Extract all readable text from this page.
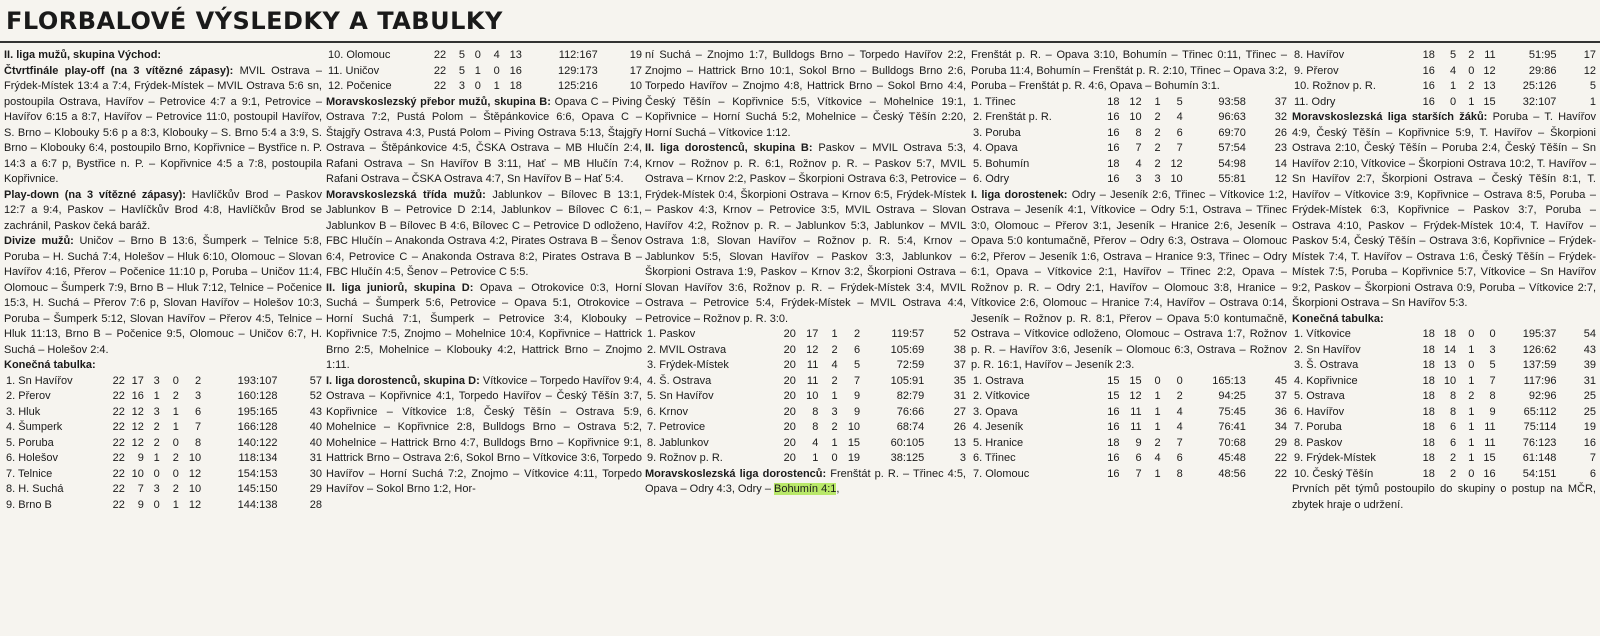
FLORBALOVÉ VÝSLEDKY A TABULKY

II. liga mužů, skupina Východ:

Čtvrtfinále play-off (na 3 vítězné zápasy): MVIL Ostrava – Frýdek-Místek 13:4 a 7:4, Frýdek-Místek – MVIL Ostrava 5:6 sn, postoupila Ostrava, Havířov – Petrovice 4:7 a 9:1, Petrovice – Havířov 6:15 a 8:7, Havířov – Petrovice 11:0, postoupil Havířov, S. Brno – Klobouky 5:6 p a 8:3, Klobouky – S. Brno 5:4 a 3:9, S. Brno – Klobouky 6:4, postoupilo Brno, Kopřivnice – Bystřice n. P. 14:3 a 6:7 p, Bystřice n. P. – Kopřivnice 4:5 a 7:8, postoupila Kopřivnice.

Play-down (na 3 vítězné zápasy): Havlíčkův Brod – Paskov 12:7 a 9:4, Paskov – Havlíčkův Brod 4:8, Havlíčkův Brod se zachránil, Paskov čeká baráž.

Divize mužů: Uničov – Brno B 13:6, Šumperk – Telnice 5:8, Poruba – H. Suchá 7:4, Holešov – Hluk 6:10, Olomouc – Slovan Havířov 4:16, Přerov – Počenice 11:10 p, Poruba – Uničov 11:4, Olomouc – Šumperk 7:9, Brno B – Hluk 7:12, Telnice – Počenice 15:3, H. Suchá – Přerov 7:6 p, Slovan Havířov – Holešov 10:3, Poruba – Šumperk 5:12, Slovan Havířov – Přerov 4:5, Telnice – Hluk 11:13, Brno B – Počenice 9:5, Olomouc – Uničov 6:7, H. Suchá – Holešov 2:4.

Konečná tabulka:

1. Sn Havířov	22	17	3	0	2	193:107	57
2. Přerov	22	16	1	2	3	160:128	52
3. Hluk	22	12	3	1	6	195:165	43
4. Šumperk	22	12	2	1	7	166:128	40
5. Poruba	22	12	2	0	8	140:122	40
6. Holešov	22	9	1	2	10	118:134	31
7. Telnice	22	10	0	0	12	154:153	30
8. H. Suchá	22	7	3	2	10	145:150	29
9. Brno B	22	9	0	1	12	144:138	28
10. Olomouc	22	5	0	4	13	112:167	19
11. Uničov	22	5	1	0	16	129:173	17
12. Počenice	22	3	0	1	18	125:216	10

Moravskoslezský přebor mužů, skupina B: Opava C – Piving Ostrava 7:2, Pustá Polom – Štěpánkovice 6:6, Opava C – Štajgřy Ostrava 4:3, Pustá Polom – Piving Ostrava 5:13, Štajgřy Ostrava – Štěpánkovice 4:5, ČSKA Ostrava – MB Hlučín 2:4, Rafani Ostrava – Sn Havířov B 3:11, Hať – MB Hlučín 7:4, Rafani Ostrava – ČSKA Ostrava 4:7, Sn Havířov B – Hať 5:4.

Moravskoslezská třída mužů: Jablunkov – Bílovec B 13:1, Jablunkov B – Petrovice D 2:14, Jablunkov – Bílovec C 6:1, Jablunkov B – Bílovec B 4:6, Bílovec C – Petrovice D odloženo, FBC Hlučín – Anakonda Ostrava 4:2, Pirates Ostrava B – Šenov 6:4, Petrovice C – Anakonda Ostrava 8:2, Pirates Ostrava B – FBC Hlučín 4:5, Šenov – Petrovice C 5:5.

II. liga juniorů, skupina D: Opava – Otrokovice 0:3, Horní Suchá – Šumperk 5:6, Petrovice – Opava 5:1, Otrokovice – Horní Suchá 7:1, Šumperk – Petrovice 3:4, Klobouky – Kopřivnice 7:5, Znojmo – Mohelnice 10:4, Kopřivnice – Hattrick Brno 2:5, Mohelnice – Klobouky 4:2, Hattrick Brno – Znojmo 1:11.

I. liga dorostenců, skupina D: Vítkovice – Torpedo Havířov 9:4, Ostrava – Kopřivnice 4:1, Torpedo Havířov – Český Těšín 3:7, Kopřivnice – Vítkovice 1:8, Český Těšín – Ostrava 5:9, Mohelnice – Kopřivnice 2:8, Bulldogs Brno – Ostrava 5:2, Mohelnice – Hattrick Brno 4:7, Bulldogs Brno – Kopřivnice 9:1, Hattrick Brno – Ostrava 2:6, Sokol Brno – Vítkovice 3:6, Torpedo Havířov – Horní Suchá 7:2, Znojmo – Vítkovice 4:11, Torpedo Havířov – Sokol Brno 1:2, Hor-

ní Suchá – Znojmo 1:7, Bulldogs Brno – Torpedo Havířov 2:2, Znojmo – Hattrick Brno 10:1, Sokol Brno – Bulldogs Brno 2:6, Torpedo Havířov – Znojmo 4:8, Hattrick Brno – Sokol Brno 4:4, Český Těšín – Kopřivnice 5:5, Vítkovice – Mohelnice 19:1, Kopřivnice – Horní Suchá 5:2, Mohelnice – Český Těšín 2:20, Horní Suchá – Vítkovice 1:12.

II. liga dorostenců, skupina B: Paskov – MVIL Ostrava 5:3, Krnov – Rožnov p. R. 6:1, Rožnov p. R. – Paskov 5:7, MVIL Ostrava – Krnov 2:2, Paskov – Škorpioni Ostrava 6:3, Petrovice – Frýdek-Místek 0:4, Škorpioni Ostrava – Krnov 6:5, Frýdek-Místek – Paskov 4:3, Krnov – Petrovice 3:5, MVIL Ostrava – Slovan Havířov 4:2, Rožnov p. R. – Jablunkov 5:3, Jablunkov – MVIL Ostrava 1:8, Slovan Havířov – Rožnov p. R. 5:4, Krnov – Jablunkov 5:5, Slovan Havířov – Paskov 3:3, Jablunkov – Škorpioni Ostrava 1:9, Paskov – Krnov 3:2, Škorpioni Ostrava – Slovan Havířov 3:6, Rožnov p. R. – Frýdek-Místek 3:4, MVIL Ostrava – Petrovice 5:4, Frýdek-Místek – MVIL Ostrava 4:4, Petrovice – Rožnov p. R. 3:0.

1. Paskov	20	17	1	2	119:57	52
2. MVIL Ostrava	20	12	2	6	105:69	38
3. Frýdek-Místek	20	11	4	5	72:59	37
4. Š. Ostrava	20	11	2	7	105:91	35
5. Sn Havířov	20	10	1	9	82:79	31
6. Krnov	20	8	3	9	76:66	27
7. Petrovice	20	8	2	10	68:74	26
8. Jablunkov	20	4	1	15	60:105	13
9. Rožnov p. R.	20	1	0	19	38:125	3

Moravskoslezská liga dorostenců: Frenštát p. R. – Třinec 4:5, Opava – Odry 4:3, Odry – Bohumín 4:1,

Frenštát p. R. – Opava 3:10, Bohumín – Třinec 0:11, Třinec – Poruba 11:4, Bohumín – Frenštát p. R. 2:10, Třinec – Opava 3:2, Poruba – Frenštát p. R. 4:6, Opava – Bohumín 3:1.

1. Třinec	18	12	1	5	93:58	37
2. Frenštát p. R.	16	10	2	4	96:63	32
3. Poruba	16	8	2	6	69:70	26
4. Opava	16	7	2	7	57:54	23
5. Bohumín	18	4	2	12	54:98	14
6. Odry	16	3	3	10	55:81	12

I. liga dorostenek: Odry – Jeseník 2:6, Třinec – Vítkovice 1:2, Ostrava – Jeseník 4:1, Vítkovice – Odry 5:1, Ostrava – Třinec 3:0, Olomouc – Přerov 3:1, Jeseník – Hranice 2:6, Jeseník – Opava 5:0 kontumačně, Přerov – Odry 6:3, Ostrava – Olomouc 6:2, Přerov – Jeseník 1:6, Ostrava – Hranice 9:3, Třinec – Odry 6:1, Opava – Vítkovice 2:1, Havířov – Třinec 2:2, Opava – Rožnov p. R. – Odry 2:1, Havířov – Olomouc 3:8, Hranice – Vítkovice 2:6, Olomouc – Hranice 7:4, Havířov – Ostrava 0:14, Jeseník – Rožnov p. R. 8:1, Přerov – Opava 5:0 kontumačně, Ostrava – Vítkovice odloženo, Olomouc – Ostrava 1:7, Rožnov p. R. – Havířov 3:6, Jeseník – Olomouc 6:3, Ostrava – Rožnov p. R. 16:1, Havířov – Jeseník 2:3.

1. Ostrava	15	15	0	0	165:13	45
2. Vítkovice	15	12	1	2	94:25	37
3. Opava	16	11	1	4	75:45	36
4. Jeseník	16	11	1	4	76:41	34
5. Hranice	18	9	2	7	70:68	29
6. Třinec	16	6	4	6	45:48	22
7. Olomouc	16	7	1	8	48:56	22
8. Havířov	18	5	2	11	51:95	17
9. Přerov	16	4	0	12	29:86	12
10. Rožnov p. R.	16	1	2	13	25:126	5
11. Odry	16	0	1	15	32:107	1

Moravskoslezská liga starších žáků: Poruba – T. Havířov 4:9, Český Těšín – Kopřivnice 5:9, T. Havířov – Škorpioni Ostrava 2:10, Český Těšín – Poruba 2:4, Český Těšín – Sn Havířov 2:10, Vítkovice – Škorpioni Ostrava 10:2, T. Havířov – Sn Havířov 2:7, Škorpioni Ostrava – Český Těšín 8:1, T. Havířov – Vítkovice 3:9, Kopřivnice – Ostrava 8:5, Poruba – Frýdek-Místek 6:3, Kopřivnice – Paskov 3:7, Poruba – Ostrava 4:10, Paskov – Frýdek-Místek 10:4, T. Havířov – Paskov 5:4, Český Těšín – Ostrava 3:6, Kopřivnice – Frýdek-Místek 7:4, T. Havířov – Ostrava 1:6, Český Těšín – Frýdek-Místek 7:5, Poruba – Kopřivnice 5:7, Vítkovice – Sn Havířov 9:2, Paskov – Škorpioni Ostrava 0:9, Poruba – Vítkovice 2:7, Škorpioni Ostrava – Sn Havířov 5:3.

Konečná tabulka:

1. Vítkovice	18	18	0	0	195:37	54
2. Sn Havířov	18	14	1	3	126:62	43
3. Š. Ostrava	18	13	0	5	137:59	39
4. Kopřivnice	18	10	1	7	117:96	31
5. Ostrava	18	8	2	8	92:96	25
6. Havířov	18	8	1	9	65:112	25
7. Poruba	18	6	1	11	75:114	19
8. Paskov	18	6	1	11	76:123	16
9. Frýdek-Místek	18	2	1	15	61:148	7
10. Český Těšín	18	2	0	16	54:151	6

Prvních pět týmů postoupilo do skupiny o postup na MČR, zbytek hraje o udržení.
